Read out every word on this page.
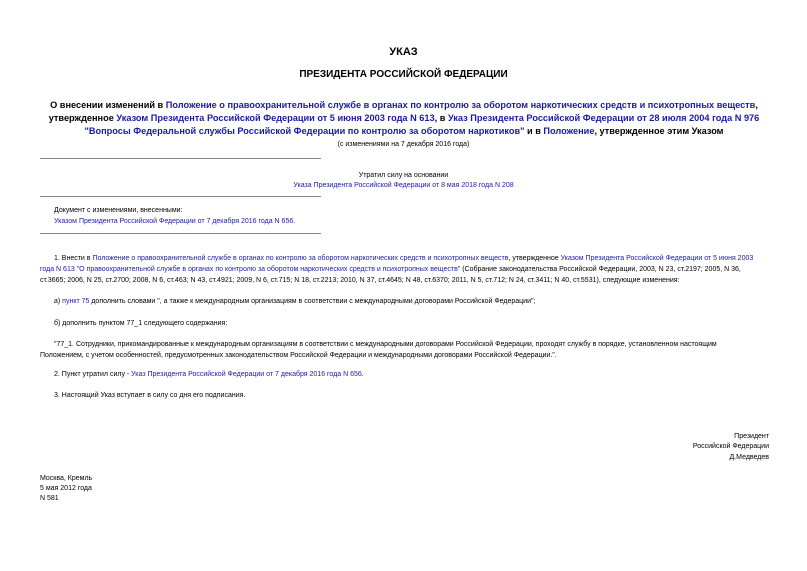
УКАЗ
ПРЕЗИДЕНТА РОССИЙСКОЙ ФЕДЕРАЦИИ

О внесении изменений в Положение о правоохранительной службе в органах по контролю за оборотом наркотических средств и психотропных веществ,

утвержденное Указом Президента Российской Федерации от 5 июня 2003 года N 613, в Указ Президента Российской Федерации от 28 июля 2004 года N 976

"Вопросы Федеральной службы Российской Федерации по контролю за оборотом наркотиков" и в Положение, утвержденное этим Указом

(с изменениями на 7 декабря 2016 года)
Утратил силу на основании
Указа Президента Российской Федерации от 8 мая 2018 года N 208
Документ с изменениями, внесенными:
Указом Президента Российской Федерации от 7 декабря 2016 года N 656.
1. Внести в Положение о правоохранительной службе в органах по контролю за оборотом наркотических средств и психотропных веществ, утвержденное Указом Президента Российской Федерации от 5 июня 2003
года N 613 "О правоохранительной службе в органах по контролю за оборотом наркотических средств и психотропных веществ" (Собрание законодательства Российской Федерации, 2003, N 23, ст.2197; 2005, N 36,
ст.3665; 2006, N 25, ст.2700; 2008, N 6, ст.463; N 43, ст.4921; 2009, N 6, ст.715; N 18, ст.2213; 2010, N 37, ст.4645; N 48, ст.6370; 2011, N 5, ст.712; N 24, ст.3411; N 40, ст.5531), следующие изменения:
а) пункт 75 дополнить словами ", а также к международным организациям в соответствии с международными договорами Российской Федерации";
б) дополнить пунктом 77_1 следующего содержания:
"77_1. Сотрудники, прикомандированные к международным организациям в соответствии с международными договорами Российской Федерации, проходят службу в порядке, установленном настоящим
Положением, с учетом особенностей, предусмотренных законодательством Российской Федерации и международными договорами Российской Федерации.".
2. Пункт утратил силу - Указ Президента Российской Федерации от 7 декабря 2016 года N 656.
3. Настоящий Указ вступает в силу со дня его подписания.
Президент
Российской Федерации
Д.Медведев
Москва, Кремль
5 мая 2012 года
N 581
